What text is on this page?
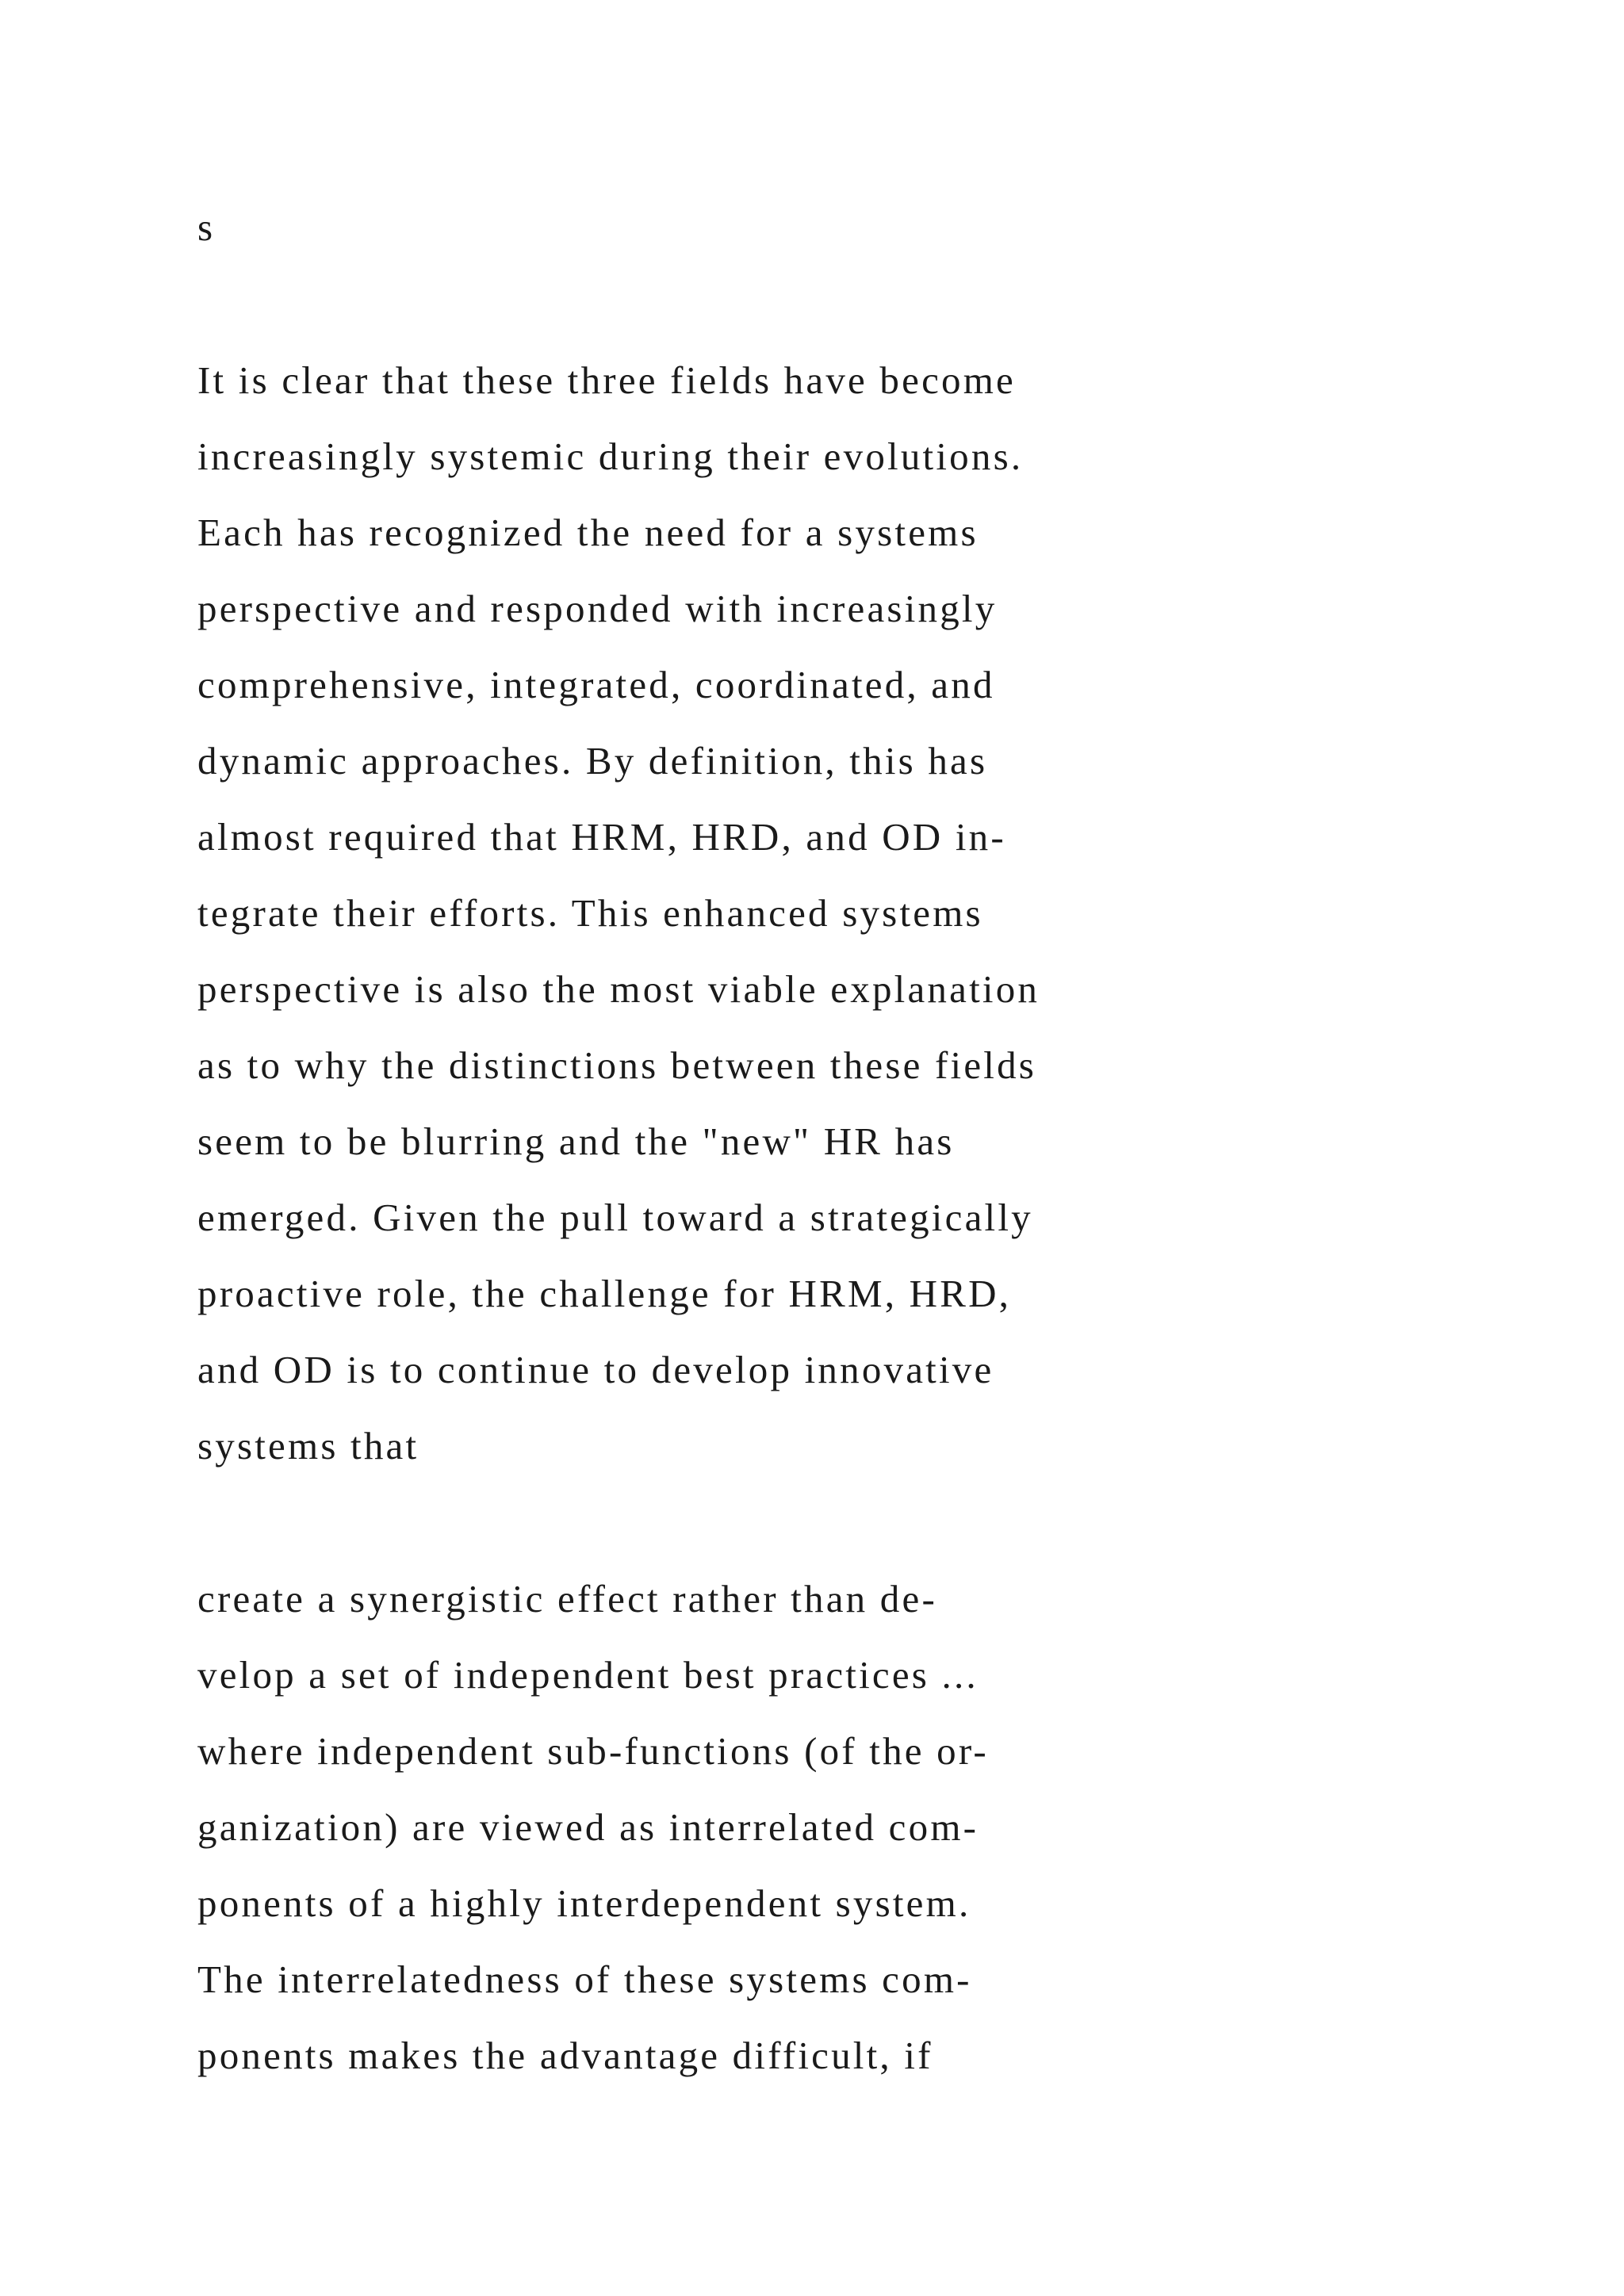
s
It is clear that these three fields have become
increasingly systemic during their evolutions.
Each has recognized the need for a systems
perspective and responded with increasingly
comprehensive, integrated, coordinated, and
dynamic approaches. By definition, this has
almost required that HRM, HRD, and OD in-
tegrate their efforts. This enhanced systems
perspective is also the most viable explanation
as to why the distinctions between these fields
seem to be blurring and the "new" HR has
emerged. Given the pull toward a strategically
proactive role, the challenge for HRM, HRD,
and OD is to continue to develop innovative
systems that
create a synergistic effect rather than de-
velop a set of independent best practices ...
where independent sub-functions (of the or-
ganization) are viewed as interrelated com-
ponents of a highly interdependent system.
The interrelatedness of these systems com-
ponents makes the advantage difficult, if
